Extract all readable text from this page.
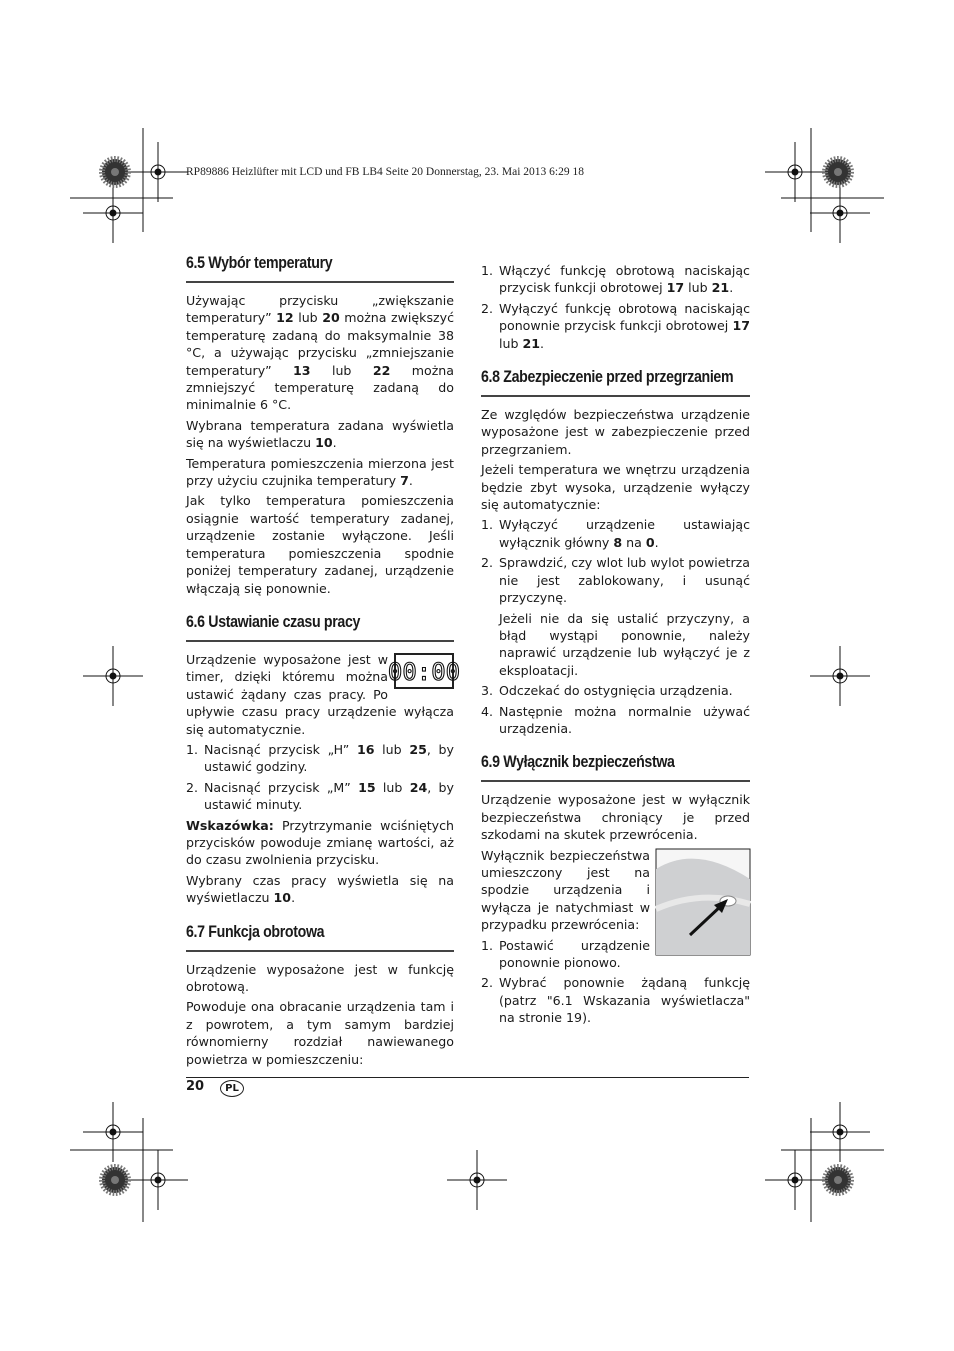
RP89886 Heizlüfter mit LCD und FB LB4 Seite 20 Donnerstag, 23. Mai 2013 6:29 18
6.5 Wybór temperatury

Używając przycisku „zwiększanie temperatury” 12 lub 20 można zwiększyć temperaturę zadaną do maksymalnie 38 °C, a używając przycisku „zmniejszanie temperatury” 13 lub 22 można zmniejszyć temperaturę zadaną do minimalnie 6 °C.

Wybrana temperatura zadana wyświetla się na wyświetlaczu 10.

Temperatura pomieszczenia mierzona jest przy użyciu czujnika temperatury 7.

Jak tylko temperatura pomieszczenia osiągnie wartość temperatury zadanej, urządzenie zostanie wyłączone. Jeśli temperatura pomieszczenia spodnie poniżej temperatury zadanej, urządzenie włączają się ponownie.

6.6 Ustawianie czasu pracy
00:00

Urządzenie wyposażone jest w timer, dzięki któremu można ustawić żądany czas pracy. Po upływie czasu pracy urządzenie wyłącza się automatycznie.

1. Nacisnąć przycisk „H” 16 lub 25, by ustawić godziny.
2. Nacisnąć przycisk „M” 15 lub 24, by ustawić minuty.

Wskazówka: Przytrzymanie wciśniętych przycisków powoduje zmianę wartości, aż do czasu zwolnienia przycisku.

Wybrany czas pracy wyświetla się na wyświetlaczu 10.

6.7 Funkcja obrotowa

Urządzenie wyposażone jest w funkcję obrotową.

Powoduje ona obracanie urządzenia tam i z powrotem, a tym samym bardziej równomierny rozdział nawiewanego powietrza w pomieszczeniu:

1. Włączyć funkcję obrotową naciskając przycisk funkcji obrotowej 17 lub 21.
2. Wyłączyć funkcję obrotową naciskając ponownie przycisk funkcji obrotowej 17 lub 21.
6.8 Zabezpieczenie przed przegrzaniem

Ze względów bezpieczeństwa urządzenie wyposażone jest w zabezpieczenie przed przegrzaniem.

Jeżeli temperatura we wnętrzu urządzenia będzie zbyt wysoka, urządzenie wyłączy się automatycznie:

1. Wyłączyć urządzenie ustawiając wyłącznik główny 8 na 0.
2. Sprawdzić, czy wlot lub wylot powietrza nie jest zablokowany, i usunąć przyczynę.

Jeżeli nie da się ustalić przyczyny, a błąd wystąpi ponownie, należy naprawić urządzenie lub wyłączyć je z eksploatacji.

3. Odczekać do ostygnięcia urządzenia.
4. Następnie można normalnie używać urządzenia.
6.9 Wyłącznik bezpieczeństwa

Urządzenie wyposażone jest w wyłącznik bezpieczeństwa chroniący je przed szkodami na skutek przewrócenia.

Wyłącznik bezpieczeństwa umieszczony jest na spodzie urządzenia i wyłącza je natychmiast w przypadku przewrócenia:

1. Postawić urządzenie ponownie pionowo.
2. Wybrać ponownie żądaną funkcję (patrz "6.1 Wskazania wyświetlacza" na stronie 19).
20	PL
